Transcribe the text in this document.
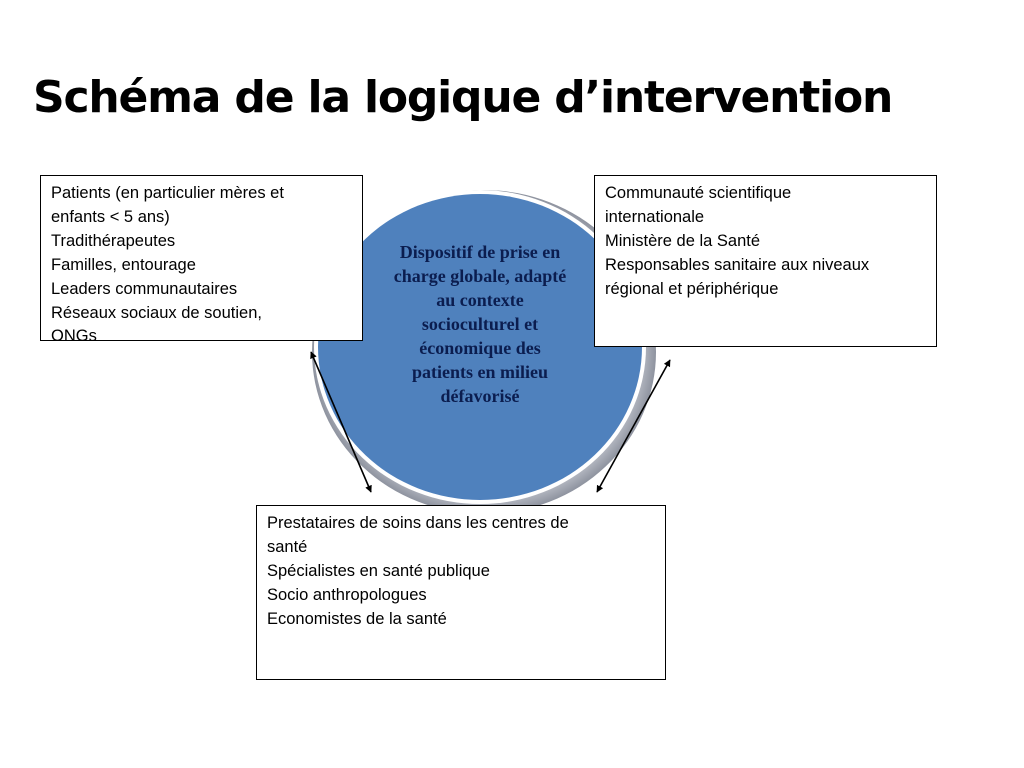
Schéma de la logique d’intervention
Dispositif de prise en
charge globale, adapté
au contexte
socioculturel et
économique des
patients en milieu
défavorisé
Patients (en particulier mères et
enfants < 5 ans)
Tradithérapeutes
Familles, entourage
Leaders communautaires
Réseaux sociaux de soutien,
ONGs
Communauté scientifique
internationale
Ministère de la Santé
Responsables sanitaire aux niveaux
régional et périphérique
Prestataires de soins dans les centres de
santé
Spécialistes en santé publique
Socio anthropologues
Economistes de la santé
